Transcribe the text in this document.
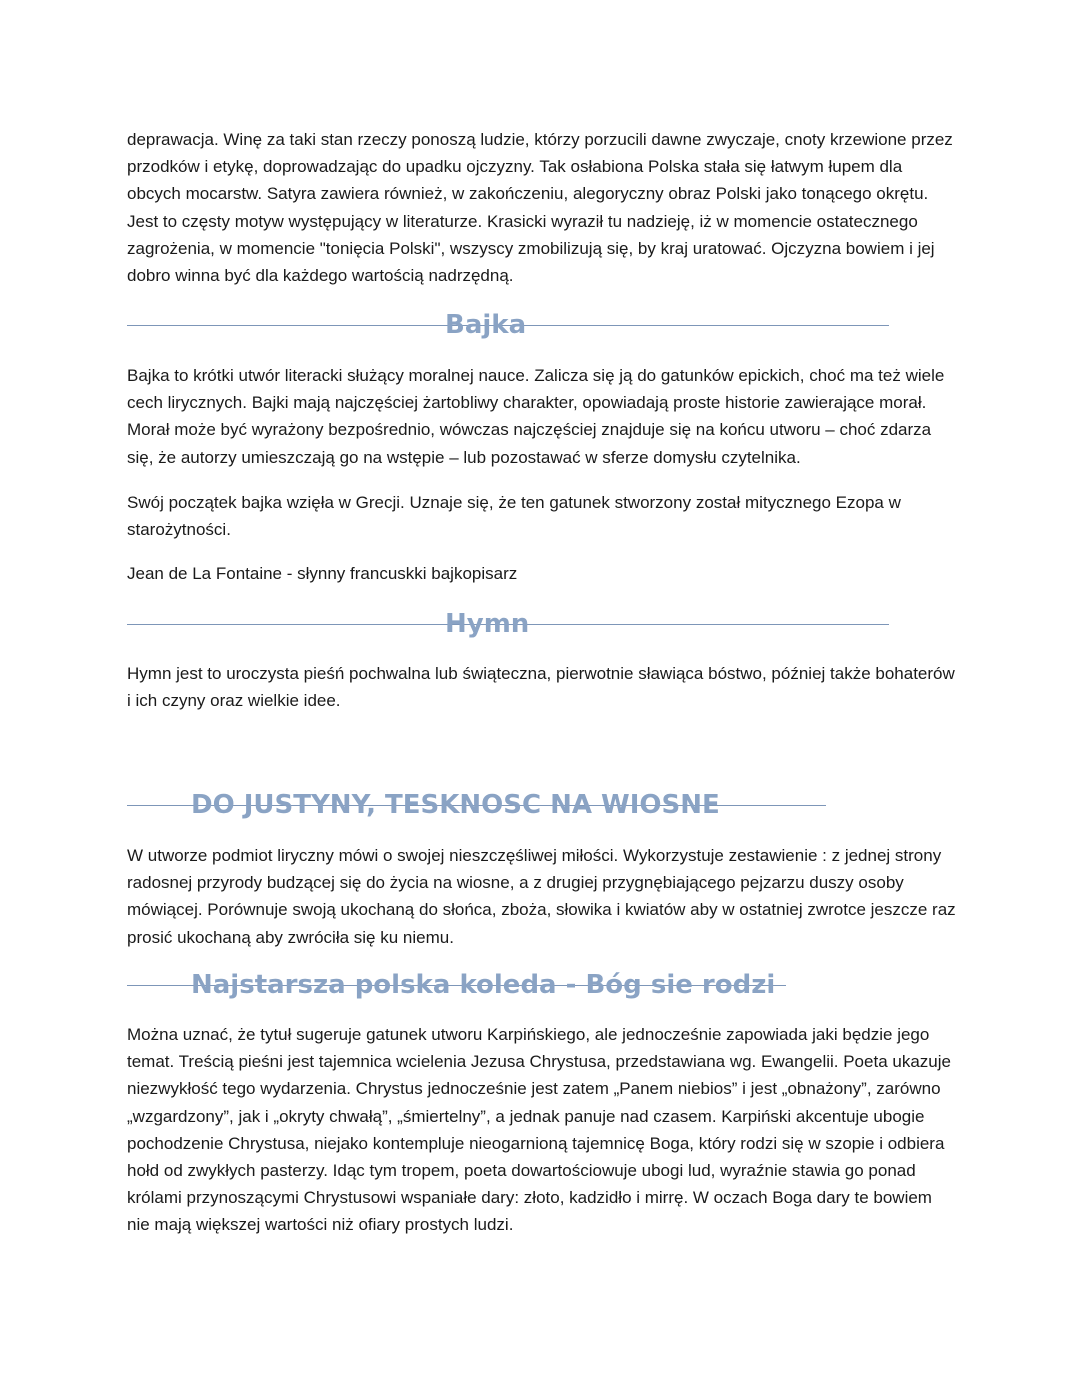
deprawacja. Winę za taki stan rzeczy ponoszą ludzie, którzy porzucili dawne zwyczaje, cnoty krzewione przez przodków i etykę, doprowadzając do upadku ojczyzny. Tak osłabiona Polska stała się łatwym łupem dla obcych mocarstw. Satyra zawiera również, w zakończeniu, alegoryczny obraz Polski jako tonącego okrętu. Jest to częsty motyw występujący w literaturze. Krasicki wyraził tu nadzieję, iż w momencie ostatecznego zagrożenia, w momencie "tonięcia Polski", wszyscy zmobilizują się, by kraj uratować. Ojczyzna bowiem i jej dobro winna być dla każdego wartością nadrzędną.

Bajka

Bajka to krótki utwór literacki służący moralnej nauce. Zalicza się ją do gatunków epickich, choć ma też wiele cech lirycznych. Bajki mają najczęściej żartobliwy charakter, opowiadają proste historie zawierające morał. Morał może być wyrażony bezpośrednio, wówczas najczęściej znajduje się na końcu utworu – choć zdarza się, że autorzy umieszczają go na wstępie – lub pozostawać w sferze domysłu czytelnika.

Swój początek bajka wzięła w Grecji. Uznaje się, że ten gatunek stworzony został mitycznego Ezopa w starożytności.

Jean de La Fontaine - słynny francuskki bajkopisarz

Hymn

Hymn jest to uroczysta pieśń pochwalna lub świąteczna, pierwotnie sławiąca bóstwo, później także bohaterów i ich czyny oraz wielkie idee.

DO JUSTYNY, TESKNOSC NA WIOSNE

W utworze podmiot liryczny mówi o swojej nieszczęśliwej miłości. Wykorzystuje zestawienie : z jednej strony radosnej przyrody budzącej się do życia na wiosne, a z drugiej przygnębiającego pejzarzu duszy osoby mówiącej. Porównuje swoją ukochaną do słońca, zboża, słowika i kwiatów aby w ostatniej zwrotce jeszcze raz prosić ukochaną aby zwróciła się ku niemu.

Najstarsza polska koleda - Bóg sie rodzi

Można uznać, że tytuł sugeruje gatunek utworu Karpińskiego, ale jednocześnie zapowiada jaki będzie jego temat. Treścią pieśni jest tajemnica wcielenia Jezusa Chrystusa, przedstawiana wg. Ewangelii. Poeta ukazuje niezwykłość tego wydarzenia. Chrystus jednocześnie jest zatem „Panem niebios” i jest „obnażony”, zarówno „wzgardzony”, jak i „okryty chwałą”, „śmiertelny”, a jednak panuje nad czasem. Karpiński akcentuje ubogie pochodzenie Chrystusa, niejako kontempluje nieogarnioną tajemnicę Boga, który rodzi się w szopie i odbiera hołd od zwykłych pasterzy. Idąc tym tropem, poeta dowartościowuje ubogi lud, wyraźnie stawia go ponad królami przynoszącymi Chrystusowi wspaniałe dary: złoto, kadzidło i mirrę. W oczach Boga dary te bowiem nie mają większej wartości niż ofiary prostych ludzi.
